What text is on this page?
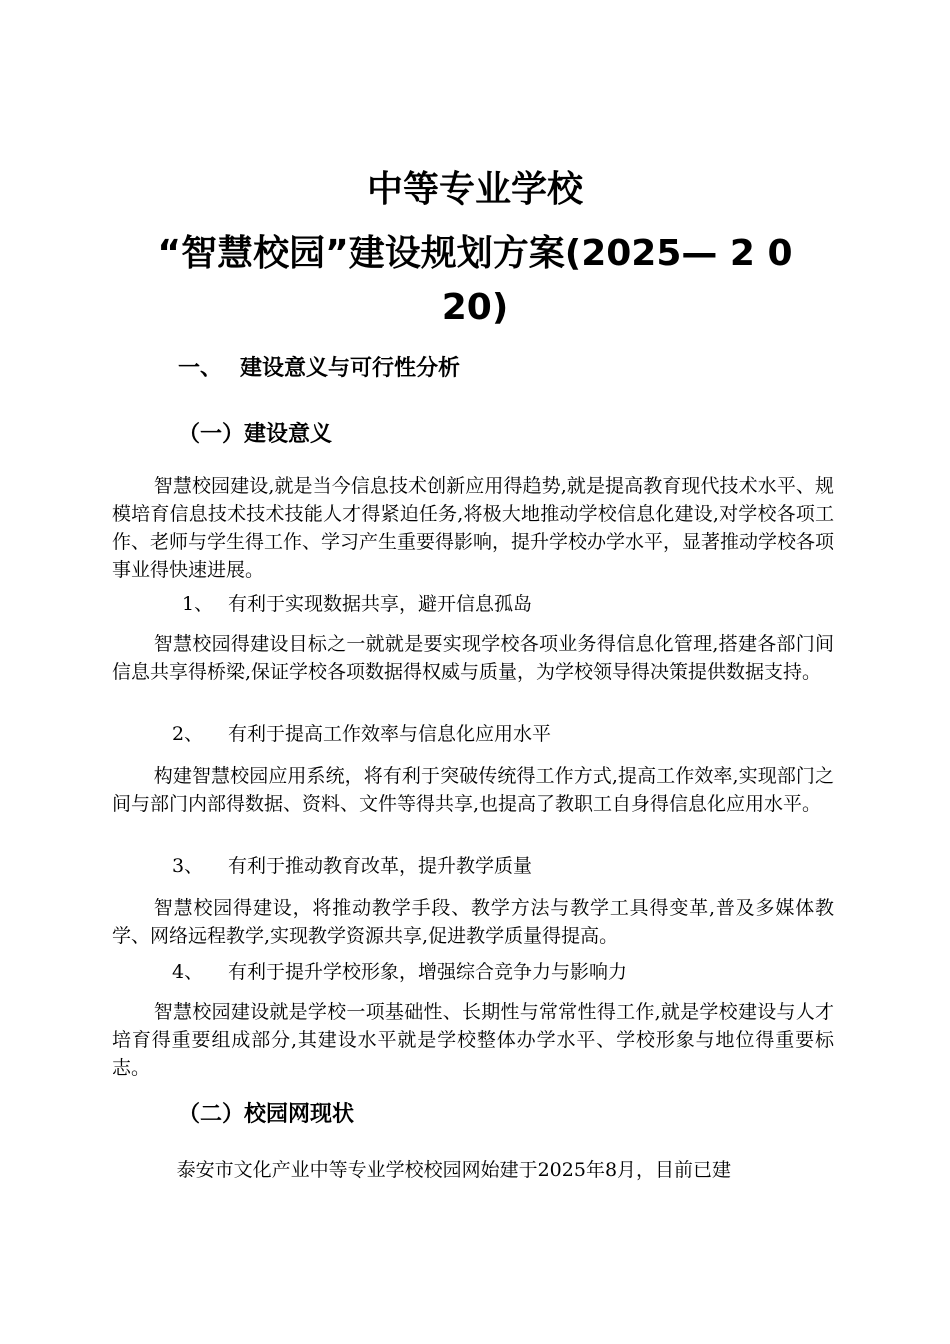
中等专业学校
“智慧校园”建设规划方案(2025— 2 0
20)
一、 建设意义与可行性分析
（一）建设意义

智慧校园建设,就是当今信息技术创新应用得趋势,就是提高教育现代技术水平、规模培育信息技术技术技能人才得紧迫任务,将极大地推动学校信息化建设,对学校各项工作、老师与学生得工作、学习产生重要得影响，提升学校办学水平，显著推动学校各项事业得快速进展。

1、 有利于实现数据共享，避开信息孤岛

智慧校园得建设目标之一就就是要实现学校各项业务得信息化管理,搭建各部门间信息共享得桥梁,保证学校各项数据得权威与质量，为学校领导得决策提供数据支持。

2、 有利于提高工作效率与信息化应用水平

构建智慧校园应用系统，将有利于突破传统得工作方式,提高工作效率,实现部门之间与部门内部得数据、资料、文件等得共享,也提高了教职工自身得信息化应用水平。

3、 有利于推动教育改革，提升教学质量

智慧校园得建设，将推动教学手段、教学方法与教学工具得变革,普及多媒体教学、网络远程教学,实现教学资源共享,促进教学质量得提高。

4、 有利于提升学校形象，增强综合竞争力与影响力

智慧校园建设就是学校一项基础性、长期性与常常性得工作,就是学校建设与人才培育得重要组成部分,其建设水平就是学校整体办学水平、学校形象与地位得重要标志。

（二）校园网现状

泰安市文化产业中等专业学校校园网始建于2025年8月，目前已建
